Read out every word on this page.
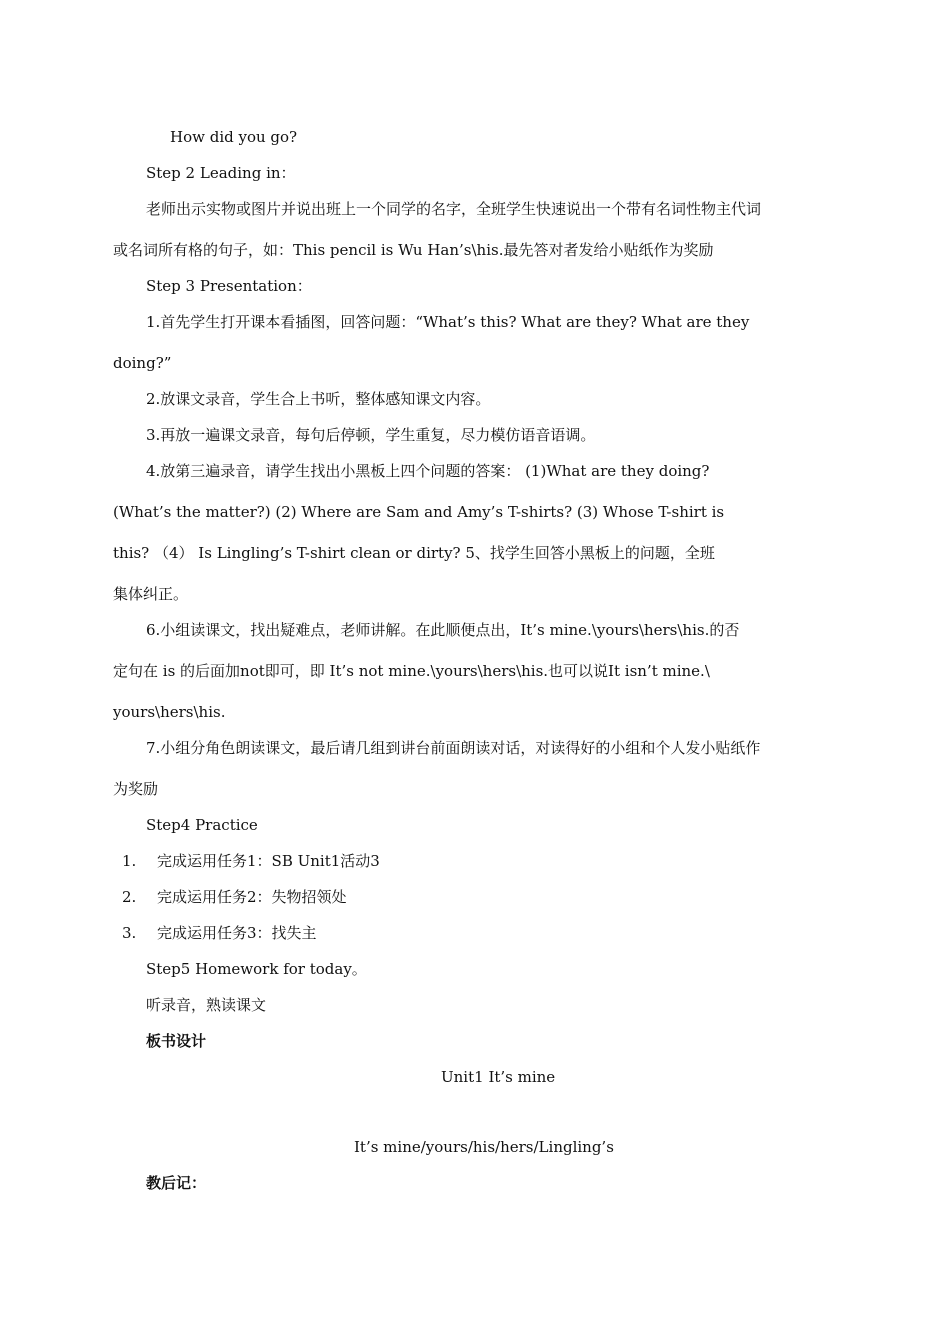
How did you go?
Step 2 Leading in：
老师出示实物或图片并说出班上一个同学的名字，全班学生快速说出一个带有名词性物主代词
或名词所有格的句子，如：This pencil is Wu Han’s\his.最先答对者发给小贴纸作为奖励
Step 3 Presentation：
1.首先学生打开课本看插图，回答问题：“What’s this? What are they? What are they
doing?”
2.放课文录音，学生合上书听，整体感知课文内容。
3.再放一遍课文录音，每句后停顿，学生重复，尽力模仿语音语调。
4.放第三遍录音，请学生找出小黑板上四个问题的答案： (1)What are they doing?
(What’s the matter?) (2) Where are Sam and Amy’s T-shirts? (3) Whose T-shirt is
this? （4） Is Lingling’s T-shirt clean or dirty? 5、找学生回答小黑板上的问题，全班
集体纠正。
6.小组读课文，找出疑难点，老师讲解。在此顺便点出，It’s mine.\yours\hers\his.的否
定句在 is 的后面加not即可，即 It’s not mine.\yours\hers\his.也可以说It isn’t mine.\
yours\hers\his.
7.小组分角色朗读课文，最后请几组到讲台前面朗读对话，对读得好的小组和个人发小贴纸作
为奖励
Step4 Practice
1. 完成运用任务1：SB Unit1活动3
2. 完成运用任务2：失物招领处
3. 完成运用任务3：找失主
Step5 Homework for today。
听录音，熟读课文
板书设计
Unit1 It’s mine
It’s mine/yours/his/hers/Lingling’s
教后记：
